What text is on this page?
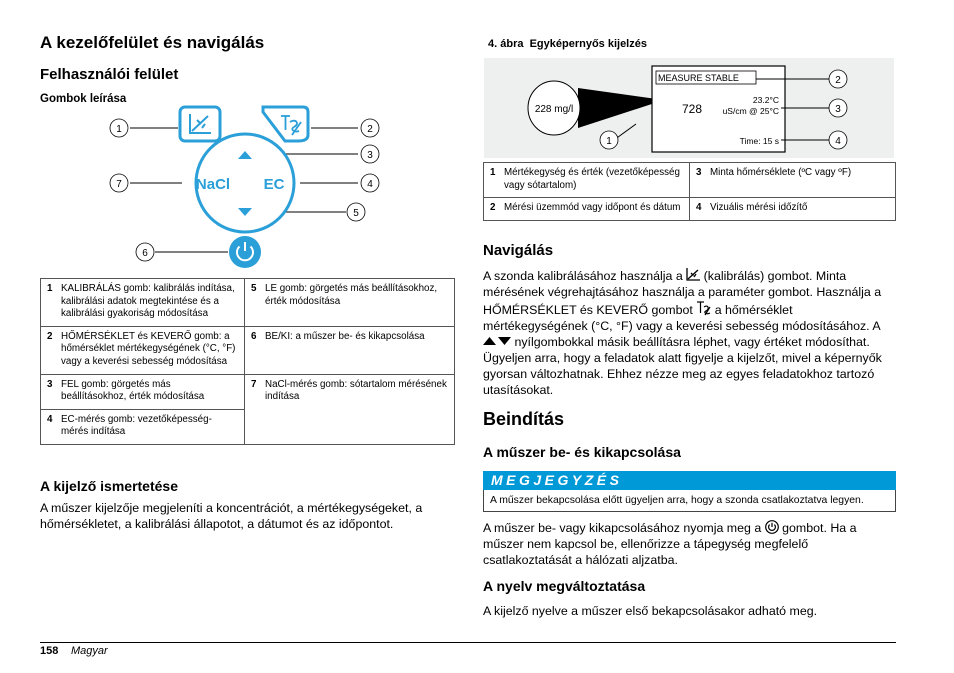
A kezelőfelület és navigálás
Felhasználói felület
Gombok leírása
1	2
3
4
5
6
7	NaCl EC
1 KALIBRÁLÁS gomb: kalibrálás indítása, kalibrálási adatok megtekintése és a kalibrálási gyakoriság módosítása	5 LE gomb: görgetés más beállításokhoz, érték módosítása

2 HŐMÉRSÉKLET és KEVERŐ gomb: a hőmérséklet mértékegységének (°C, °F) vagy a keverési sebesség módosítása	6 BE/KI: a műszer be- és kikapcsolása

3 FEL gomb: görgetés más beállításokhoz, érték módosítása	7 NaCl-mérés gomb: sótartalom mérésének indítása

4 EC-mérés gomb: vezetőképesség-mérés indítása	
A kijelző ismertetése
A műszer kijelzője megjeleníti a koncentrációt, a mértékegységeket, a hőmérsékletet, a kalibrálási állapotot, a dátumot és az időpontot.
4. ábra  Egyképernyős kijelzés
228 mg/l
MEASURE STABLE
728
23.2°C
uS/cm @ 25°C
Time: 15 s
2
3
4
1
1 Mértékegység és érték (vezetőképesség vagy sótartalom)	3 Minta hőmérséklete (ºC vagy ºF)

2 Mérési üzemmód vagy időpont és dátum	4 Vizuális mérési időzítő
Navigálás
A szonda kalibrálásához használja a  (kalibrálás) gombot. Minta
mérésének végrehajtásához használja a paraméter gombot. Használja a
HŐMÉRSÉKLET és KEVERŐ gombot  a hőmérséklet
mértékegységének (°C, °F) vagy a keverési sebesség módosításához. A
nyílgombokkal másik beállításra léphet, vagy értéket módosíthat.
Ügyeljen arra, hogy a feladatok alatt figyelje a kijelzőt, mivel a képernyők
gyorsan változhatnak. Ehhez nézze meg az egyes feladatokhoz tartozó
utasításokat.
Beindítás
A műszer be- és kikapcsolása
MEGJEGYZÉS
A műszer bekapcsolása előtt ügyeljen arra, hogy a szonda csatlakoztatva legyen.
A műszer be- vagy kikapcsolásához nyomja meg a  gombot. Ha a
műszer nem kapcsol be, ellenőrizze a tápegység megfelelő
csatlakoztatását a hálózati aljzatba.
A nyelv megváltoztatása
A kijelző nyelve a műszer első bekapcsolásakor adható meg.
158 Magyar
